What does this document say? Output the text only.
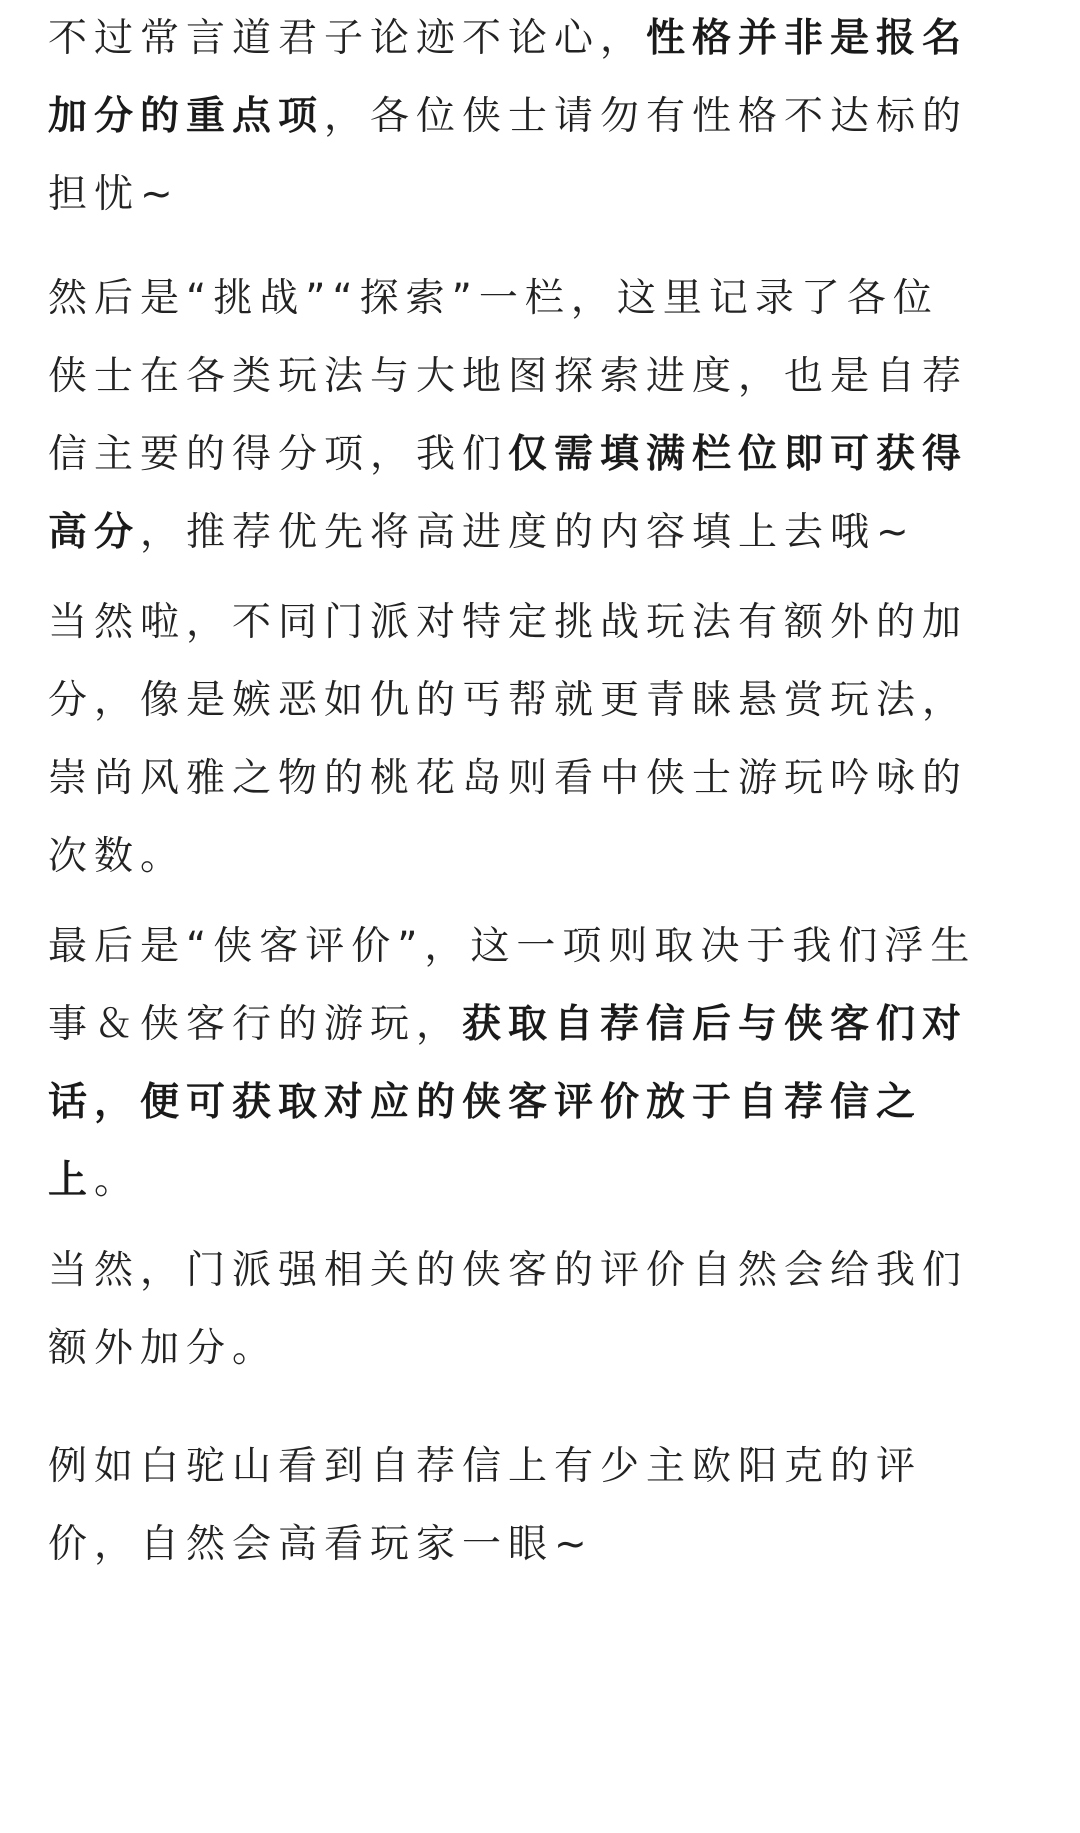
不过常言道君子论迹不论心，性格并非是报名
加分的重点项，各位侠士请勿有性格不达标的
担忧~
然后是“挑战”“探索”一栏，这里记录了各位
侠士在各类玩法与大地图探索进度，也是自荐
信主要的得分项，我们仅需填满栏位即可获得
高分，推荐优先将高进度的内容填上去哦~
当然啦，不同门派对特定挑战玩法有额外的加
分，像是嫉恶如仇的丐帮就更青睐悬赏玩法，
崇尚风雅之物的桃花岛则看中侠士游玩吟咏的
次数。
最后是“侠客评价”，这一项则取决于我们浮生
事＆侠客行的游玩，获取自荐信后与侠客们对
话，便可获取对应的侠客评价放于自荐信之
上。
当然，门派强相关的侠客的评价自然会给我们
额外加分。
例如白驼山看到自荐信上有少主欧阳克的评
价，自然会高看玩家一眼~
